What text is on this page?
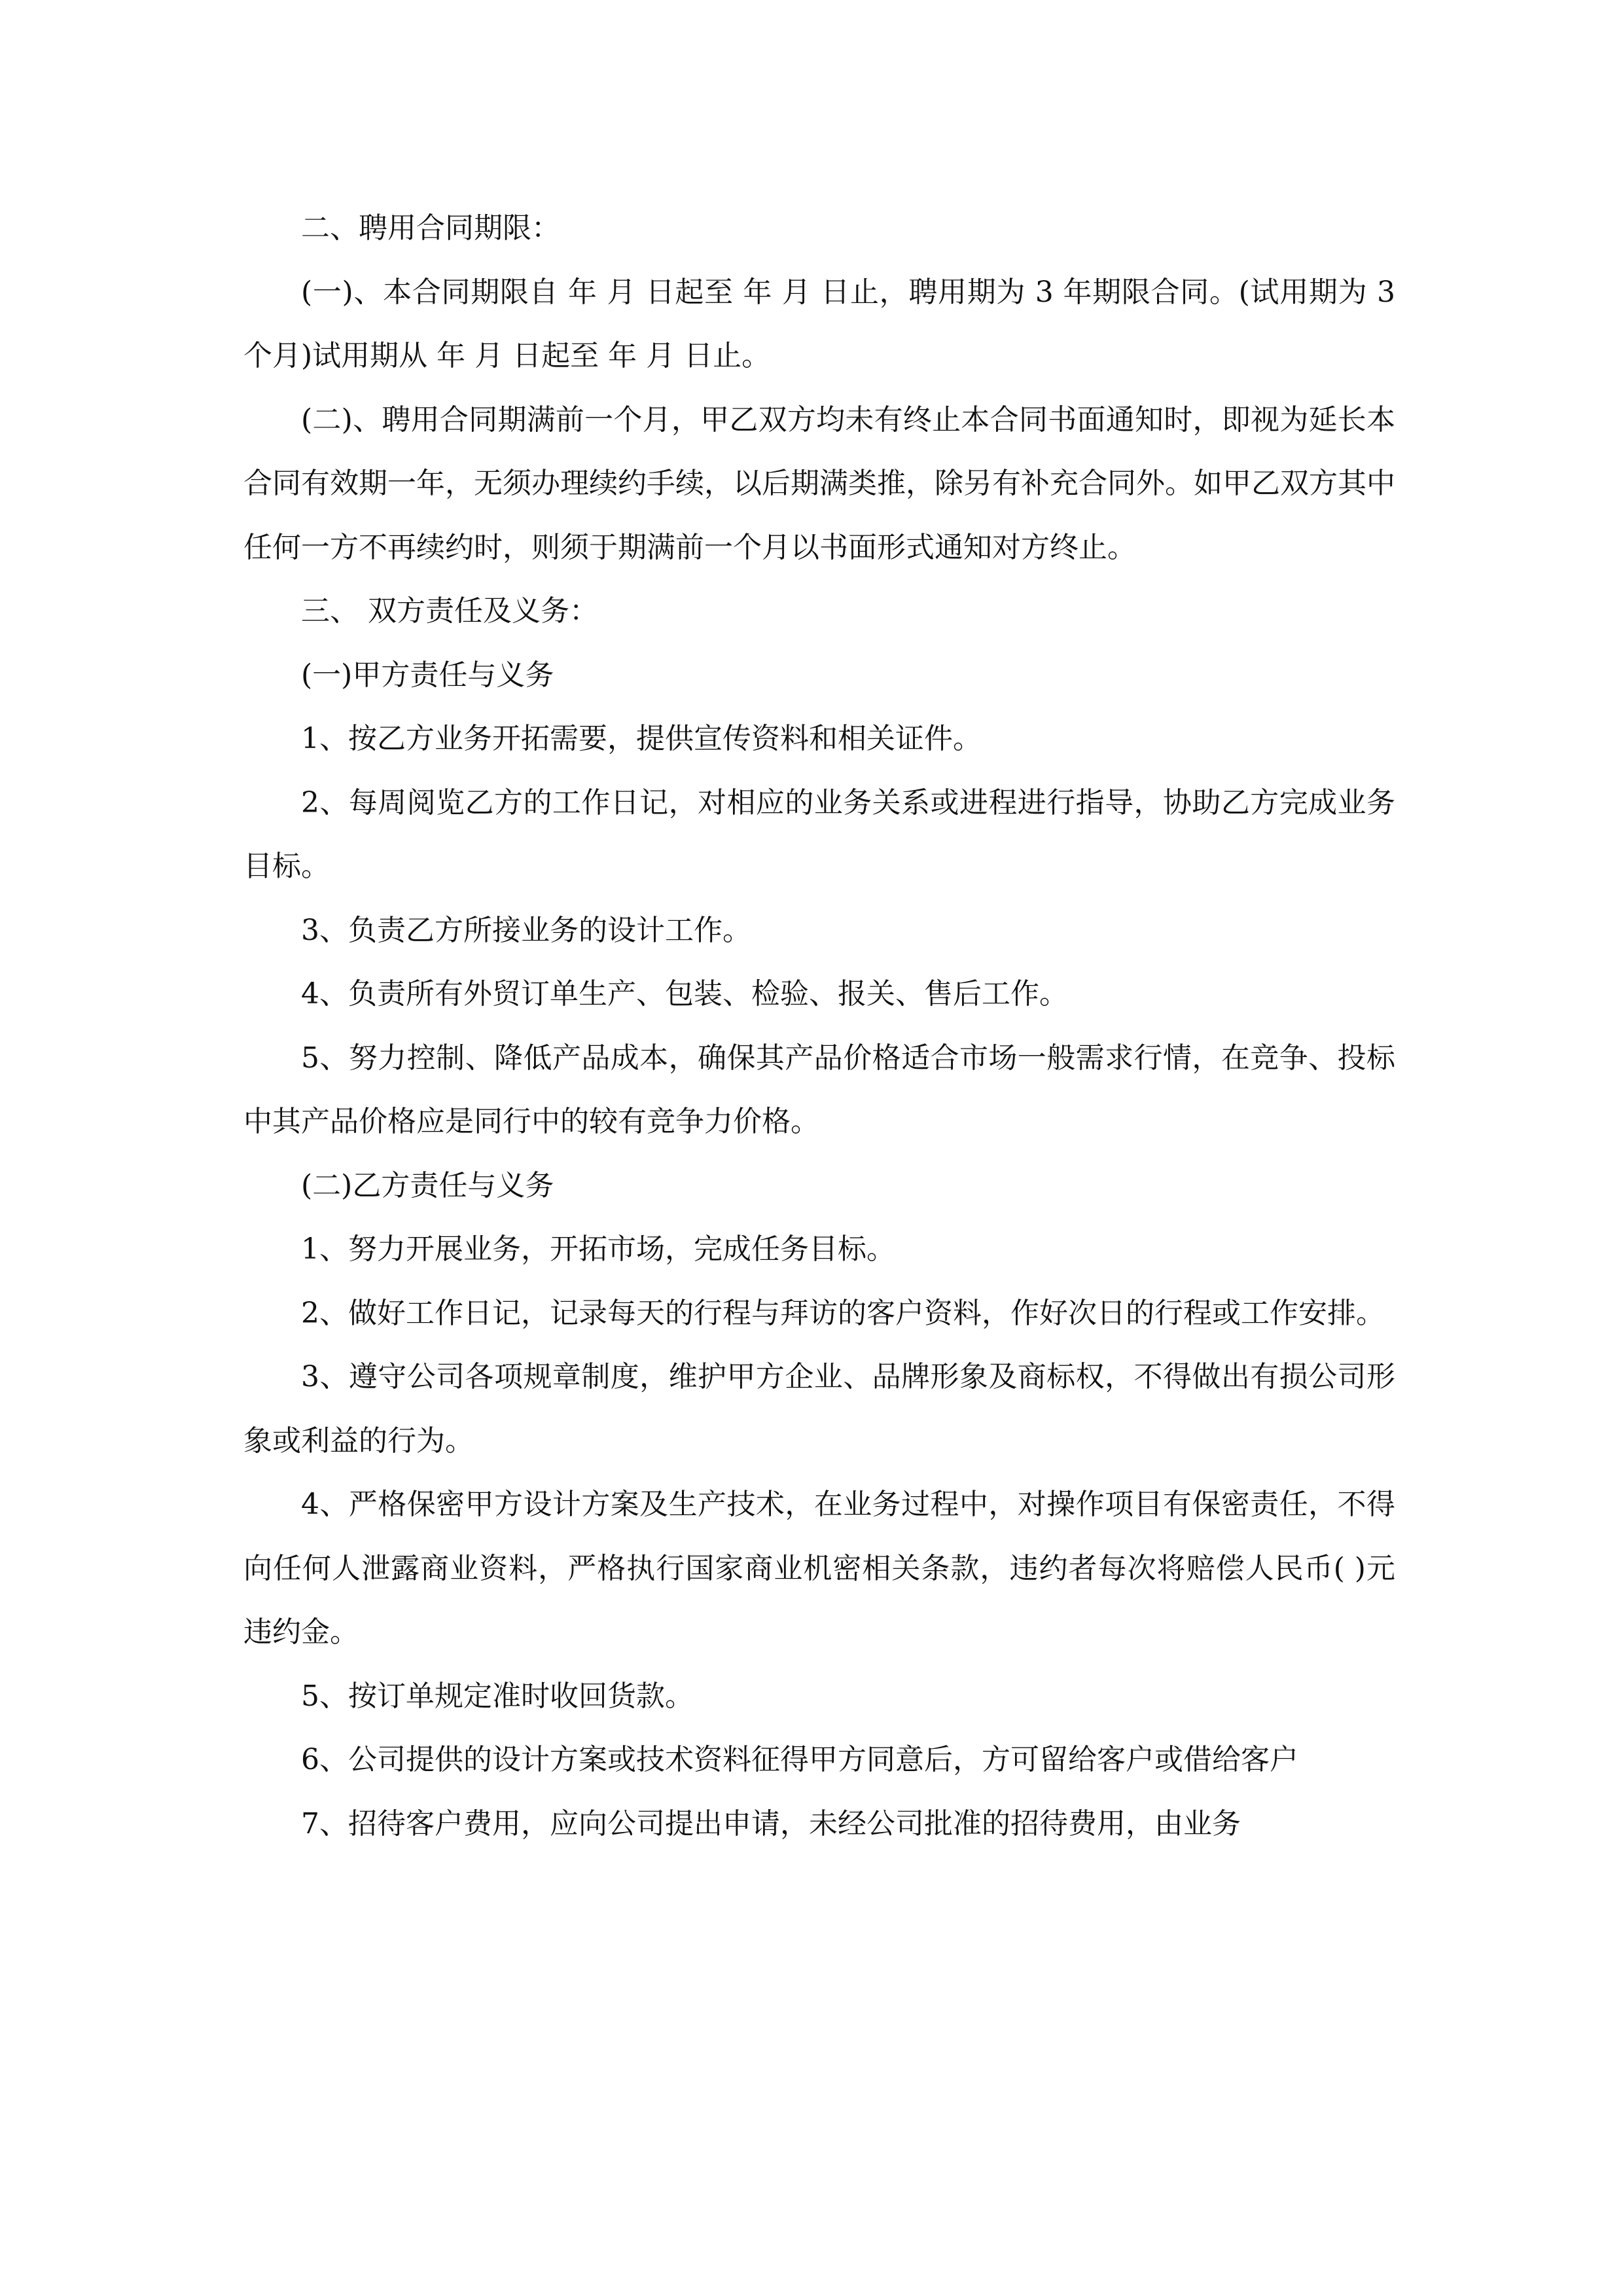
二、聘用合同期限：

(一)、本合同期限自 年 月 日起至 年 月 日止，聘用期为 3 年期限合同。(试用期为 3 个月)试用期从 年 月 日起至 年 月 日止。

(二)、聘用合同期满前一个月，甲乙双方均未有终止本合同书面通知时，即视为延长本合同有效期一年，无须办理续约手续，以后期满类推，除另有补充合同外。如甲乙双方其中任何一方不再续约时，则须于期满前一个月以书面形式通知对方终止。

三、 双方责任及义务：

(一)甲方责任与义务

1、按乙方业务开拓需要，提供宣传资料和相关证件。

2、每周阅览乙方的工作日记，对相应的业务关系或进程进行指导，协助乙方完成业务目标。

3、负责乙方所接业务的设计工作。

4、负责所有外贸订单生产、包装、检验、报关、售后工作。

5、努力控制、降低产品成本，确保其产品价格适合市场一般需求行情，在竞争、投标中其产品价格应是同行中的较有竞争力价格。

(二)乙方责任与义务

1、努力开展业务，开拓市场，完成任务目标。

2、做好工作日记，记录每天的行程与拜访的客户资料，作好次日的行程或工作安排。

3、遵守公司各项规章制度，维护甲方企业、品牌形象及商标权，不得做出有损公司形象或利益的行为。

4、严格保密甲方设计方案及生产技术，在业务过程中，对操作项目有保密责任，不得向任何人泄露商业资料，严格执行国家商业机密相关条款，违约者每次将赔偿人民币( )元违约金。

5、按订单规定准时收回货款。

6、公司提供的设计方案或技术资料征得甲方同意后，方可留给客户或借给客户

7、招待客户费用，应向公司提出申请，未经公司批准的招待费用，由业务
